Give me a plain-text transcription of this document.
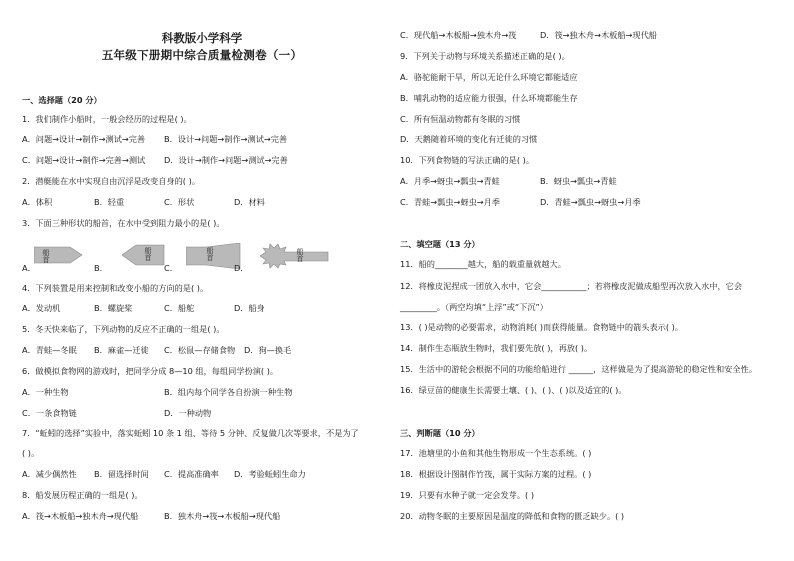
科教版小学科学
五年级下册期中综合质量检测卷（一）
一、选择题（20 分）
1．我们制作小船时，一般会经历的过程是( )。
A．问题→设计→制作→测试→完善 B．设计→问题→制作→测试→完善
C．问题→设计→制作→完善→测试 D．设计→制作→问题→测试→完善
2．潜艇能在水中实现自由沉浮是改变自身的( )。
A．体积	B．轻重	C．形状	D．材料
3．下面三种形状的船首，在水中受到阻力最小的是( )。
A．
船首
B．
船首
C．
船首
D．
船首
4．下列装置是用来控制和改变小船的方向的是( )。
A．发动机	B．螺旋桨	C．船舵	D．船身
5．冬天快来临了，下列动物的反应不正确的一组是( )。
A．青蛙—冬眠 B．麻雀—迁徙 C．松鼠—存储食物 D．狗—换毛
6．做模拟食物网的游戏时，把同学分成 8—10 组，每组同学扮演( )。
A．一种生物	B．组内每个同学各自扮演一种生物
C．一条食物链	D．一种动物
7．“蚯蚓的选择”实验中，落实蚯蚓 10 条 1 组、等待 5 分钟、反复做几次等要求，不是为了
( )。
A．减少偶然性 B．留选择时间 C．提高准确率 D．考验蚯蚓生命力
8．船发展历程正确的一组是( )。
A．筏→木板船→独木舟→现代船	B．独木舟→筏→木板船→现代船
C．现代船→木板船→独木舟→筏	D．筏→独木舟→木板船→现代船
9．下列关于动物与环境关系描述正确的是( )。
A．骆驼能耐干旱，所以无论什么环境它都能适应
B．哺乳动物的适应能力很强，什么环境都能生存
C．所有恒温动物都有冬眠的习惯
D．天鹅随着环境的变化有迁徙的习惯
10．下列食物链的写法正确的是( )。
A．月季→蚜虫→瓢虫→青蛙	B．蚜虫→瓢虫→青蛙
C．青蛙→瓢虫→蚜虫→月季	D．青蛙→瓢虫→蚜虫→月季
二、填空题（13 分）
11．船的________越大，船的载重量就越大。
12．将橡皮泥捏成一团放入水中，它会___________；若将橡皮泥做成船型再次放入水中，它会
_________。（两空均填“上浮”或“下沉”）
13．( )是动物的必要需求，动物消耗( )而获得能量。食物链中的箭头表示( )。
14．制作生态瓶放生物时，我们要先放( )，再放( )。
15．生活中的游轮会根据不同的功能给船进行 ______，这样做是为了提高游轮的稳定性和安全性。
16．绿豆苗的健康生长需要土壤、( )、( )、( )以及适宜的( )。
三、判断题（10 分）
17．池塘里的小鱼和其他生物形成一个生态系统。( )
18．根据设计图制作竹筏，属于实际方案的过程。( )
19．只要有水种子就一定会发芽。( )
20．动物冬眠的主要原因是温度的降低和食物的匮乏缺少。( )
